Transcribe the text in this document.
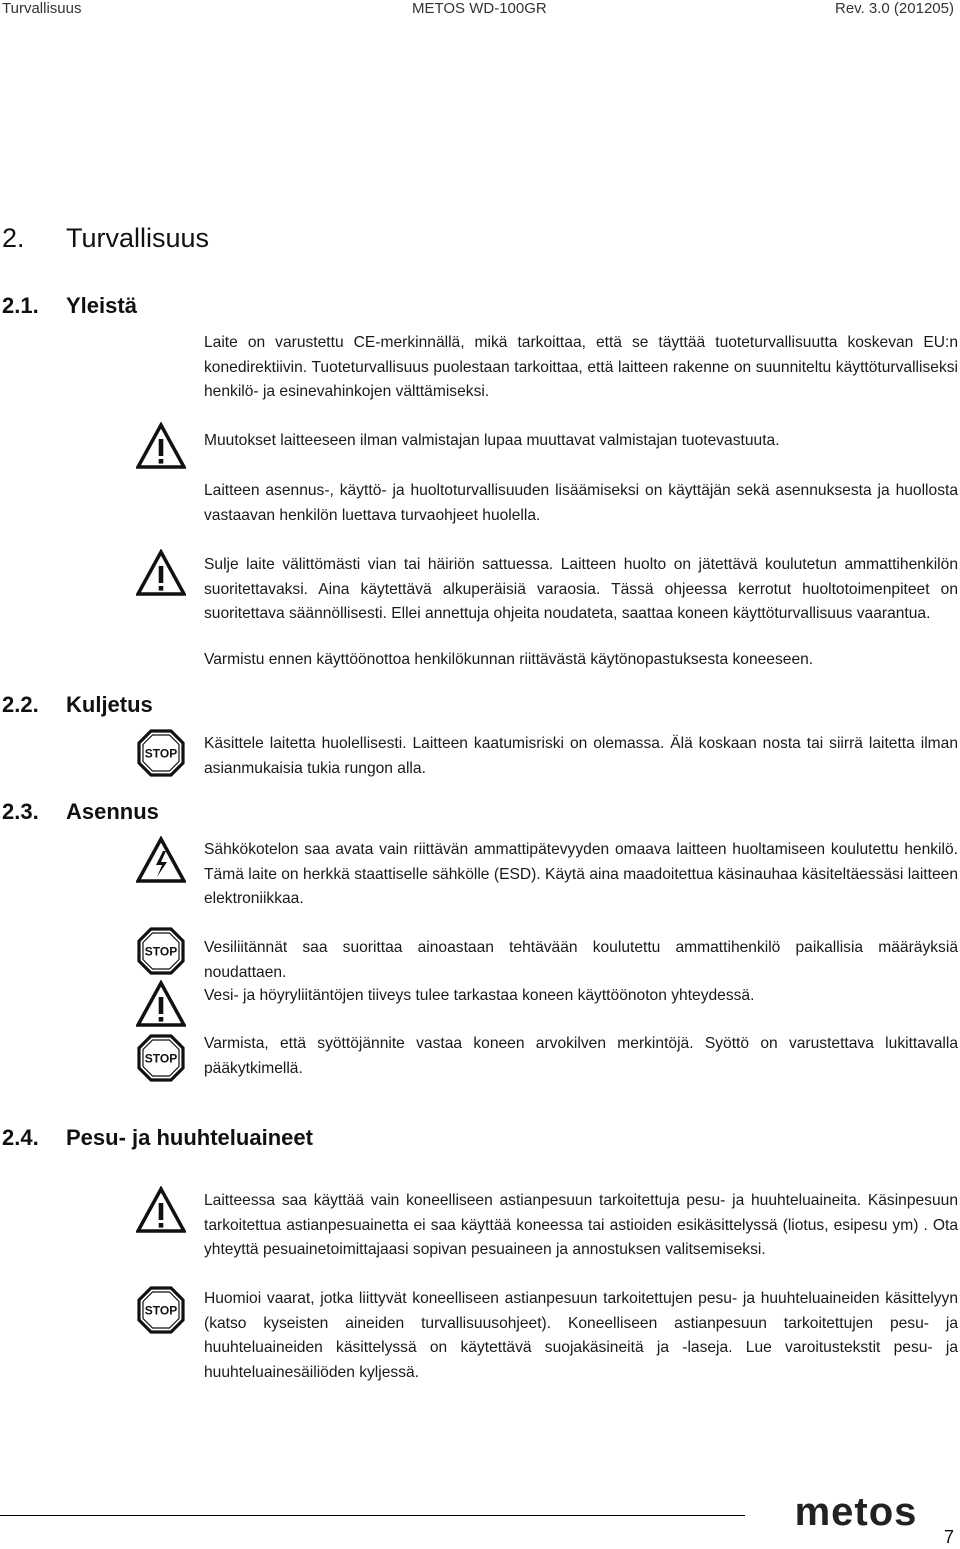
Turvallisuus	METOS WD-100GR	Rev. 3.0 (201205)
2. Turvallisuus
2.1. Yleistä
2.2. Kuljetus
2.3. Asennus
2.4. Pesu- ja huuhteluaineet
Laite on varustettu CE-merkinnällä, mikä tarkoittaa, että se täyttää tuoteturvallisuutta koskevan EU:n konedirektiivin. Tuoteturvallisuus puolestaan tarkoittaa, että laitteen rakenne on suunniteltu käyttöturvalliseksi henkilö- ja esinevahinkojen välttämiseksi.
Muutokset laitteeseen ilman valmistajan lupaa muuttavat valmistajan tuotevastuuta.
Laitteen asennus-, käyttö- ja huoltoturvallisuuden lisäämiseksi on käyttäjän sekä asennuksesta ja huollosta vastaavan henkilön luettava turvaohjeet huolella.
Sulje laite välittömästi vian tai häiriön sattuessa. Laitteen huolto on jätettävä koulutetun ammattihenkilön suoritettavaksi. Aina käytettävä alkuperäisiä varaosia. Tässä ohjeessa kerrotut huoltotoimenpiteet on suoritettava säännöllisesti. Ellei annettuja ohjeita noudateta, saattaa koneen käyttöturvallisuus vaarantua.
Varmistu ennen käyttöönottoa henkilökunnan riittävästä käytönopastuksesta koneeseen.
Käsittele laitetta huolellisesti. Laitteen kaatumisriski on olemassa. Älä koskaan nosta tai siirrä laitetta ilman asianmukaisia tukia rungon alla.
Sähkökotelon saa avata vain riittävän ammattipätevyyden omaava laitteen huoltamiseen koulutettu henkilö. Tämä laite on herkkä staattiselle sähkölle (ESD). Käytä aina maadoitettua käsinauhaa käsiteltäessäsi laitteen elektroniikkaa.
Vesiliitännät saa suorittaa ainoastaan tehtävään koulutettu ammattihenkilö paikallisia määräyksiä noudattaen.
Vesi- ja höyryliitäntöjen tiiveys tulee tarkastaa koneen käyttöönoton yhteydessä.
Varmista, että syöttöjännite vastaa koneen arvokilven merkintöjä. Syöttö on varustettava lukittavalla pääkytkimellä.
Laitteessa saa käyttää vain koneelliseen astianpesuun tarkoitettuja pesu- ja huuhteluaineita. Käsinpesuun tarkoitettua astianpesuainetta ei saa käyttää koneessa tai astioiden esikäsittelyssä (liotus, esipesu ym) . Ota yhteyttä pesuainetoimittajaasi sopivan pesuaineen ja annostuksen valitsemiseksi.
Huomioi vaarat, jotka liittyvät koneelliseen astianpesuun tarkoitettujen pesu- ja huuhteluaineiden käsittelyyn (katso kyseisten aineiden turvallisuusohjeet). Koneelliseen astianpesuun tarkoitettujen pesu- ja huuhteluaineiden käsittelyssä on käytettävä suojakäsineitä ja -laseja. Lue varoitustekstit pesu- ja huuhteluainesäiliöden kyljessä.
STOP
STOP
STOP
STOP
metos
7
